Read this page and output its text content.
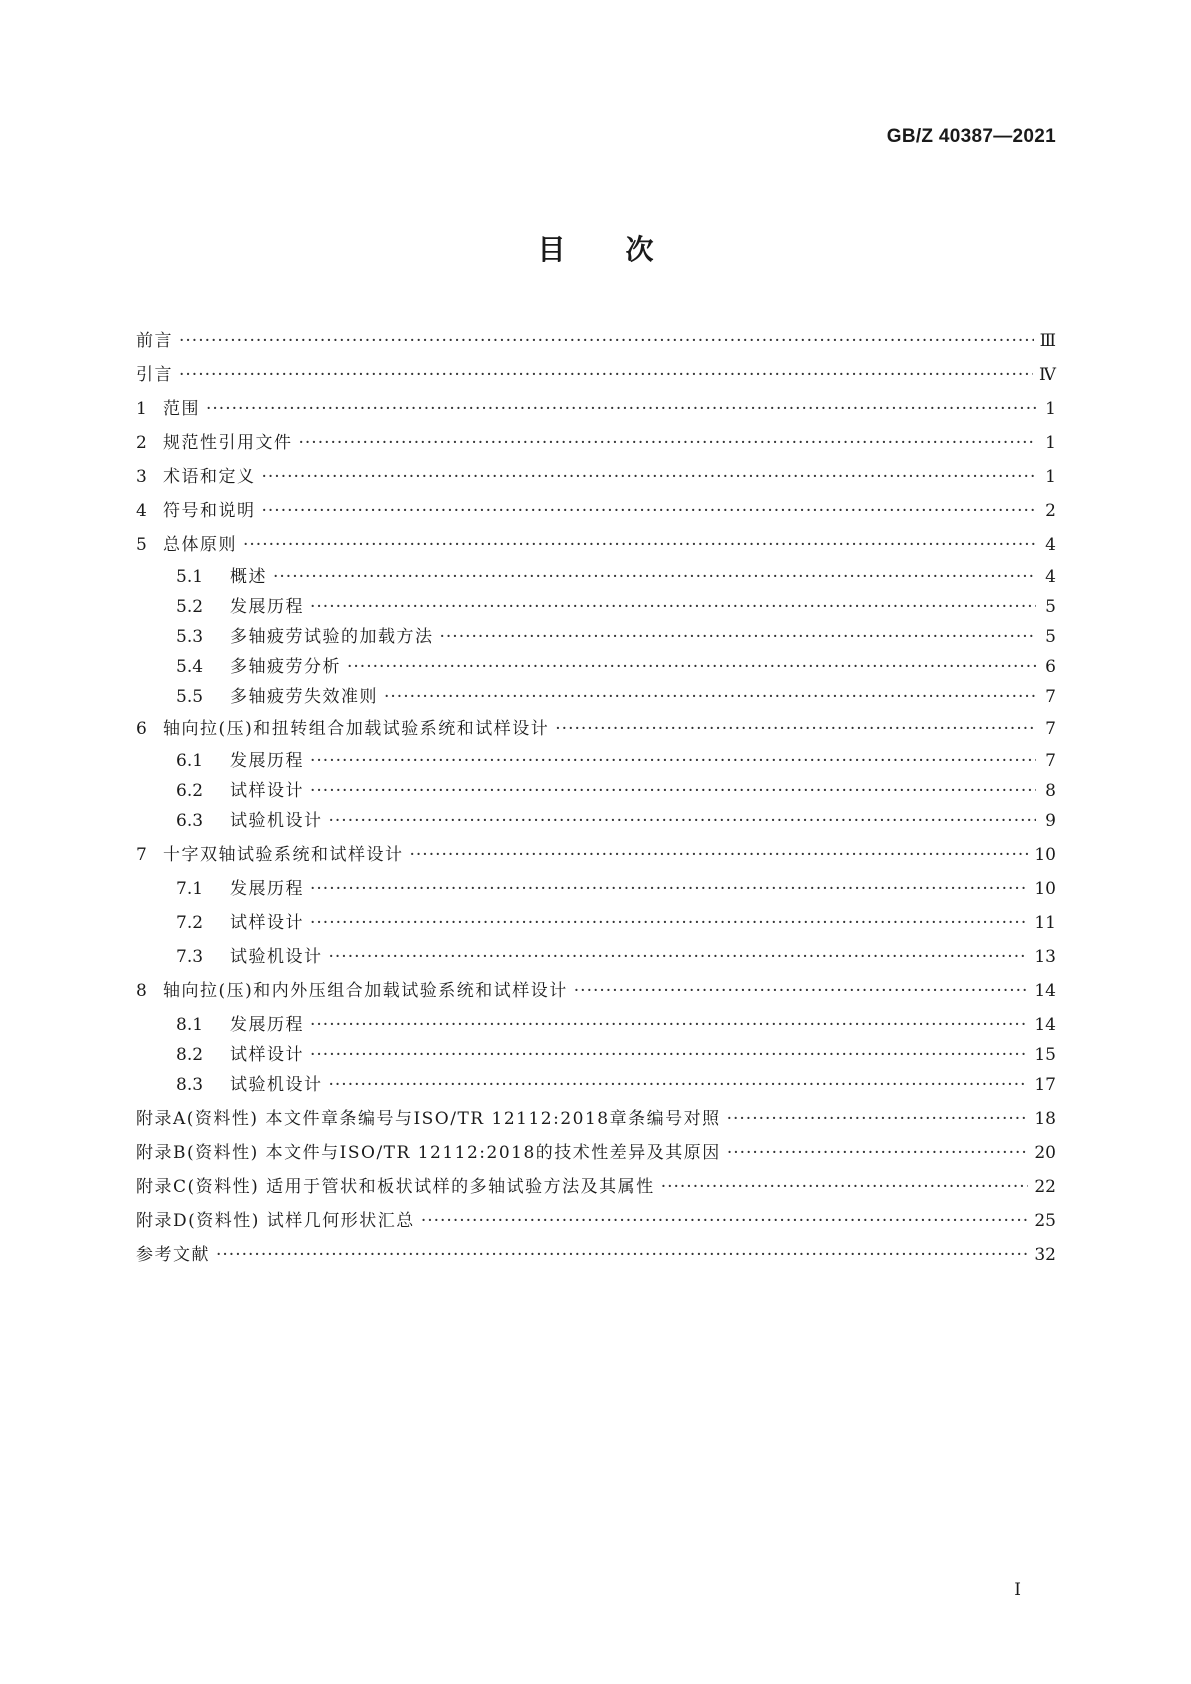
GB/Z 40387—2021
目次
前言 ·····	Ⅲ
引言 ·····	Ⅳ
1 范围 ·····	1
2 规范性引用文件 ·····	1
3 术语和定义 ·····	1
4 符号和说明 ·····	2
5 总体原则 ·····	4
5.1	概述 ·····	4
5.2	发展历程 ·····	5
5.3	多轴疲劳试验的加载方法 ·····	5
5.4	多轴疲劳分析 ·····	6
5.5	多轴疲劳失效准则 ·····	7
6 轴向拉(压)和扭转组合加载试验系统和试样设计 ·····	7
6.1	发展历程 ·····	7
6.2	试样设计 ·····	8
6.3	试验机设计 ·····	9
7 十字双轴试验系统和试样设计 ·····	10
7.1	发展历程 ·····	10
7.2	试样设计 ·····	11
7.3	试验机设计 ·····	13
8 轴向拉(压)和内外压组合加载试验系统和试样设计 ·····	14
8.1	发展历程 ·····	14
8.2	试样设计 ·····	15
8.3	试验机设计 ·····	17
附录A(资料性) 本文件章条编号与ISO/TR 12112:2018章条编号对照 ·····	18
附录B(资料性) 本文件与ISO/TR 12112:2018的技术性差异及其原因 ·····	20
附录C(资料性) 适用于管状和板状试样的多轴试验方法及其属性 ·····	22
附录D(资料性) 试样几何形状汇总 ·····	25
参考文献 ·····	32
I
